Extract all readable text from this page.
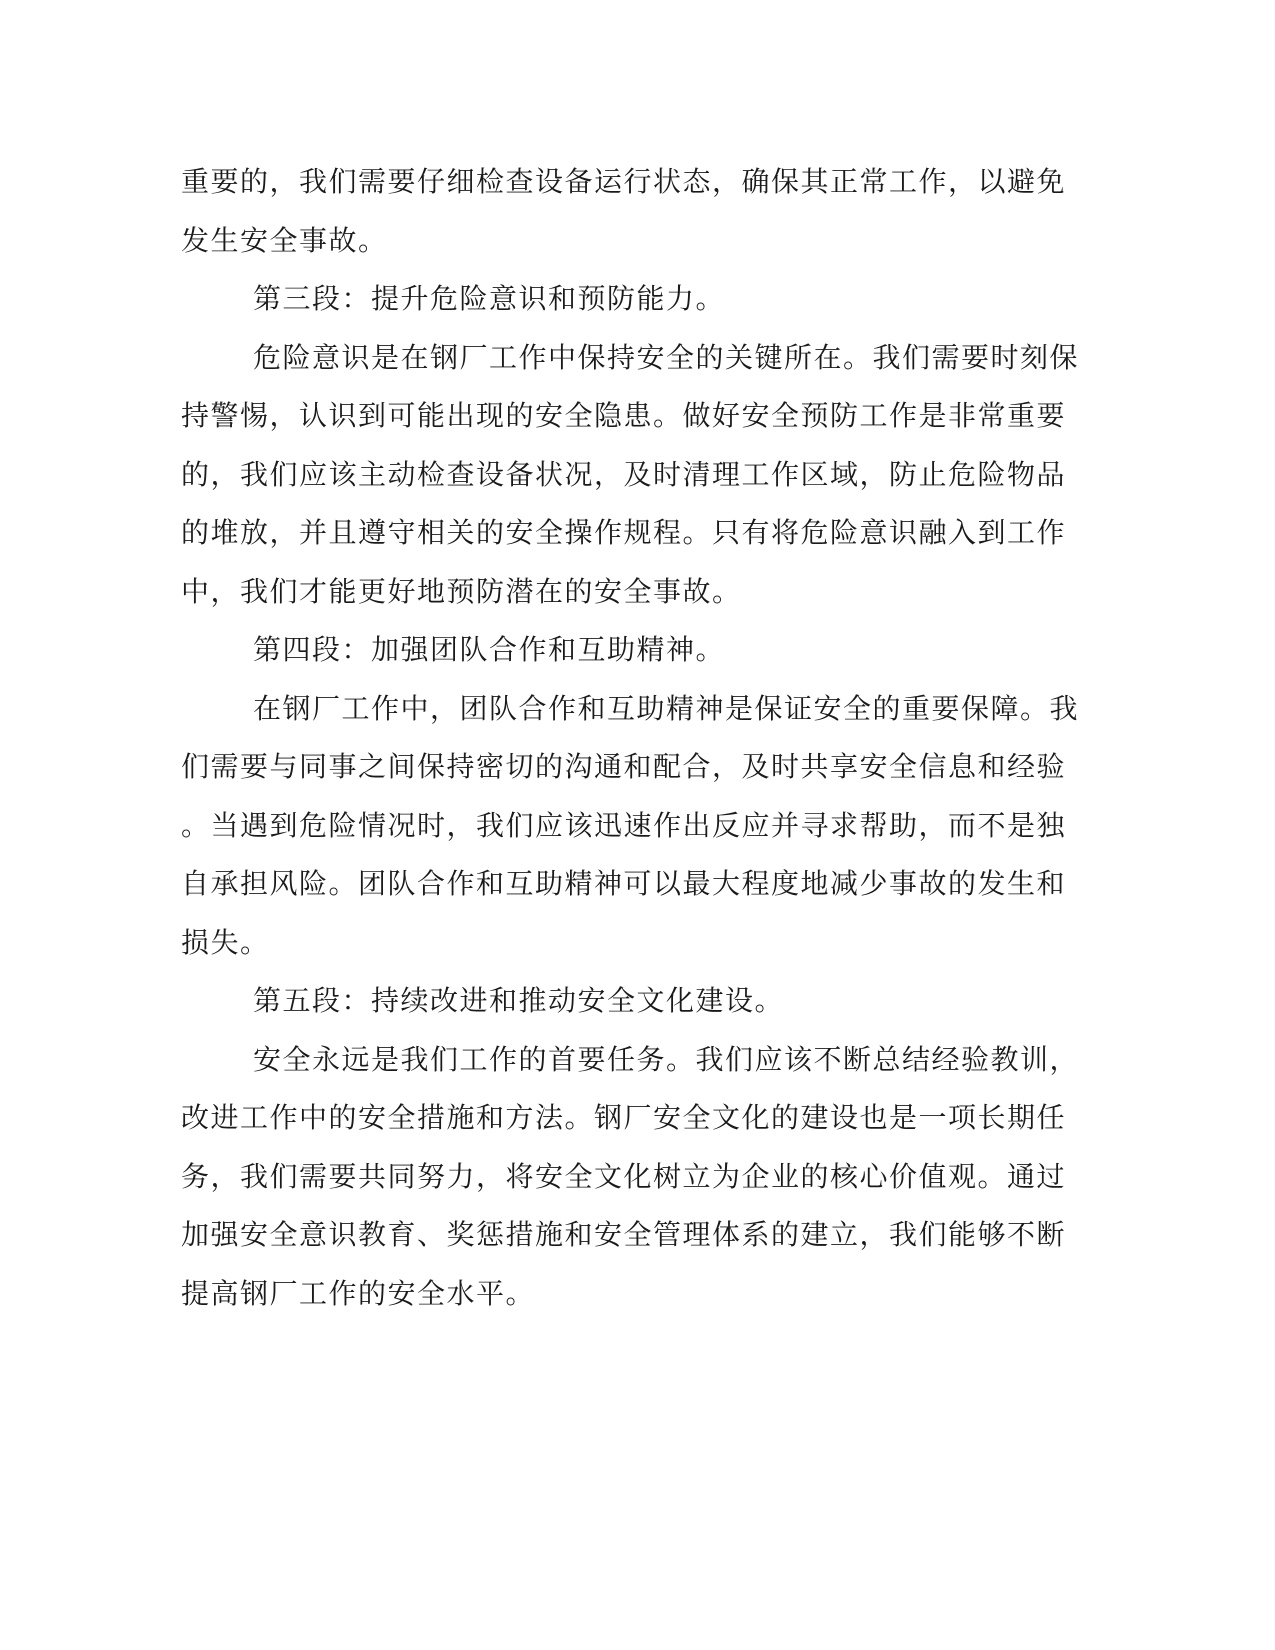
重要的，我们需要仔细检查设备运行状态，确保其正常工作，以避免
发生安全事故。
第三段：提升危险意识和预防能力。
危险意识是在钢厂工作中保持安全的关键所在。我们需要时刻保
持警惕，认识到可能出现的安全隐患。做好安全预防工作是非常重要
的，我们应该主动检查设备状况，及时清理工作区域，防止危险物品
的堆放，并且遵守相关的安全操作规程。只有将危险意识融入到工作
中，我们才能更好地预防潜在的安全事故。
第四段：加强团队合作和互助精神。
在钢厂工作中，团队合作和互助精神是保证安全的重要保障。我
们需要与同事之间保持密切的沟通和配合，及时共享安全信息和经验
。当遇到危险情况时，我们应该迅速作出反应并寻求帮助，而不是独
自承担风险。团队合作和互助精神可以最大程度地减少事故的发生和
损失。
第五段：持续改进和推动安全文化建设。
安全永远是我们工作的首要任务。我们应该不断总结经验教训，
改进工作中的安全措施和方法。钢厂安全文化的建设也是一项长期任
务，我们需要共同努力，将安全文化树立为企业的核心价值观。通过
加强安全意识教育、奖惩措施和安全管理体系的建立，我们能够不断
提高钢厂工作的安全水平。
